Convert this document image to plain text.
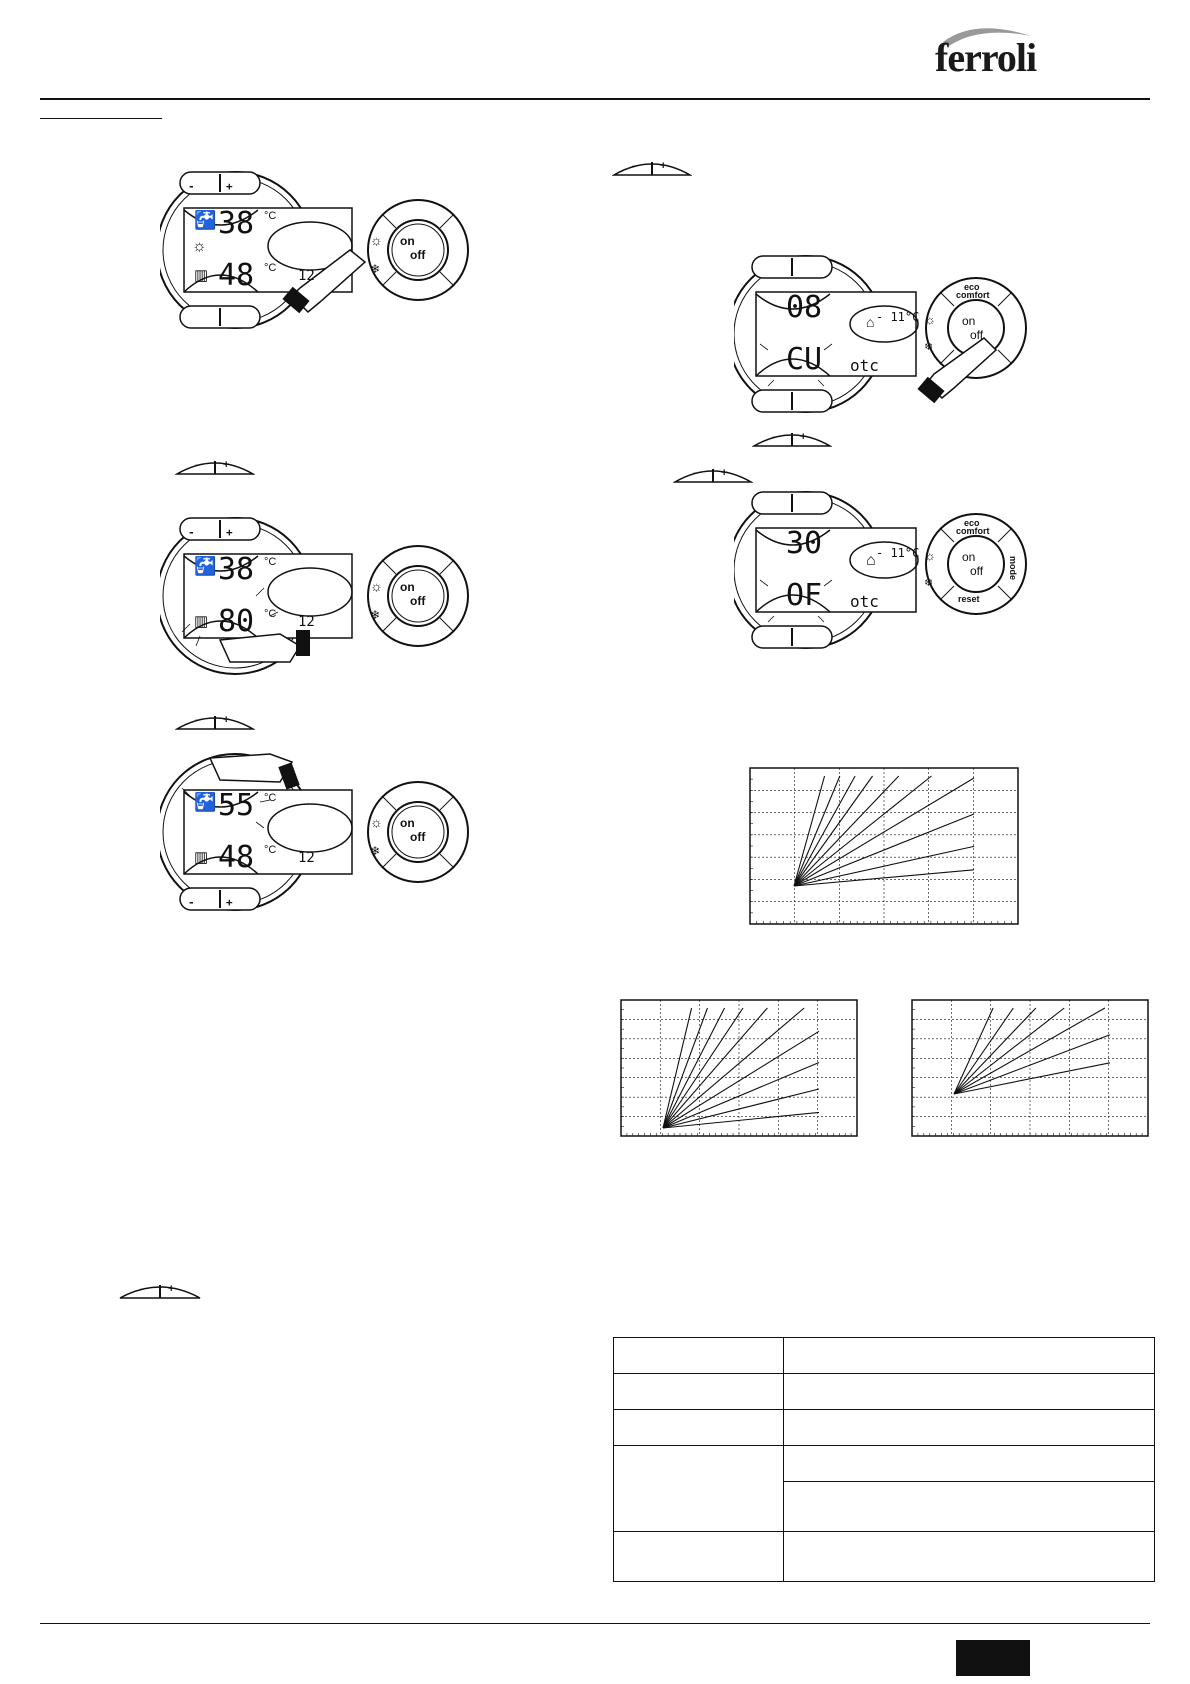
ferroli
- +
- +
- +
- +
- +
- +
-	+
🚰 38 °C
☼
▥ 48 °C 12
☼
❄
on
off
-	+
🚰 38 °C
▥ 80 °C 12
☼
❄
on
off
-	+
🚰 55 °C
▥ 48 °C 12
☼
❄
on
off
eco
comfort
08
CU
- 11°C
⌂
otc
☼
❄
on
off
eco
comfort
mode
reset
30
OF
- 11°C
⌂
otc
☼
❄
on
off
